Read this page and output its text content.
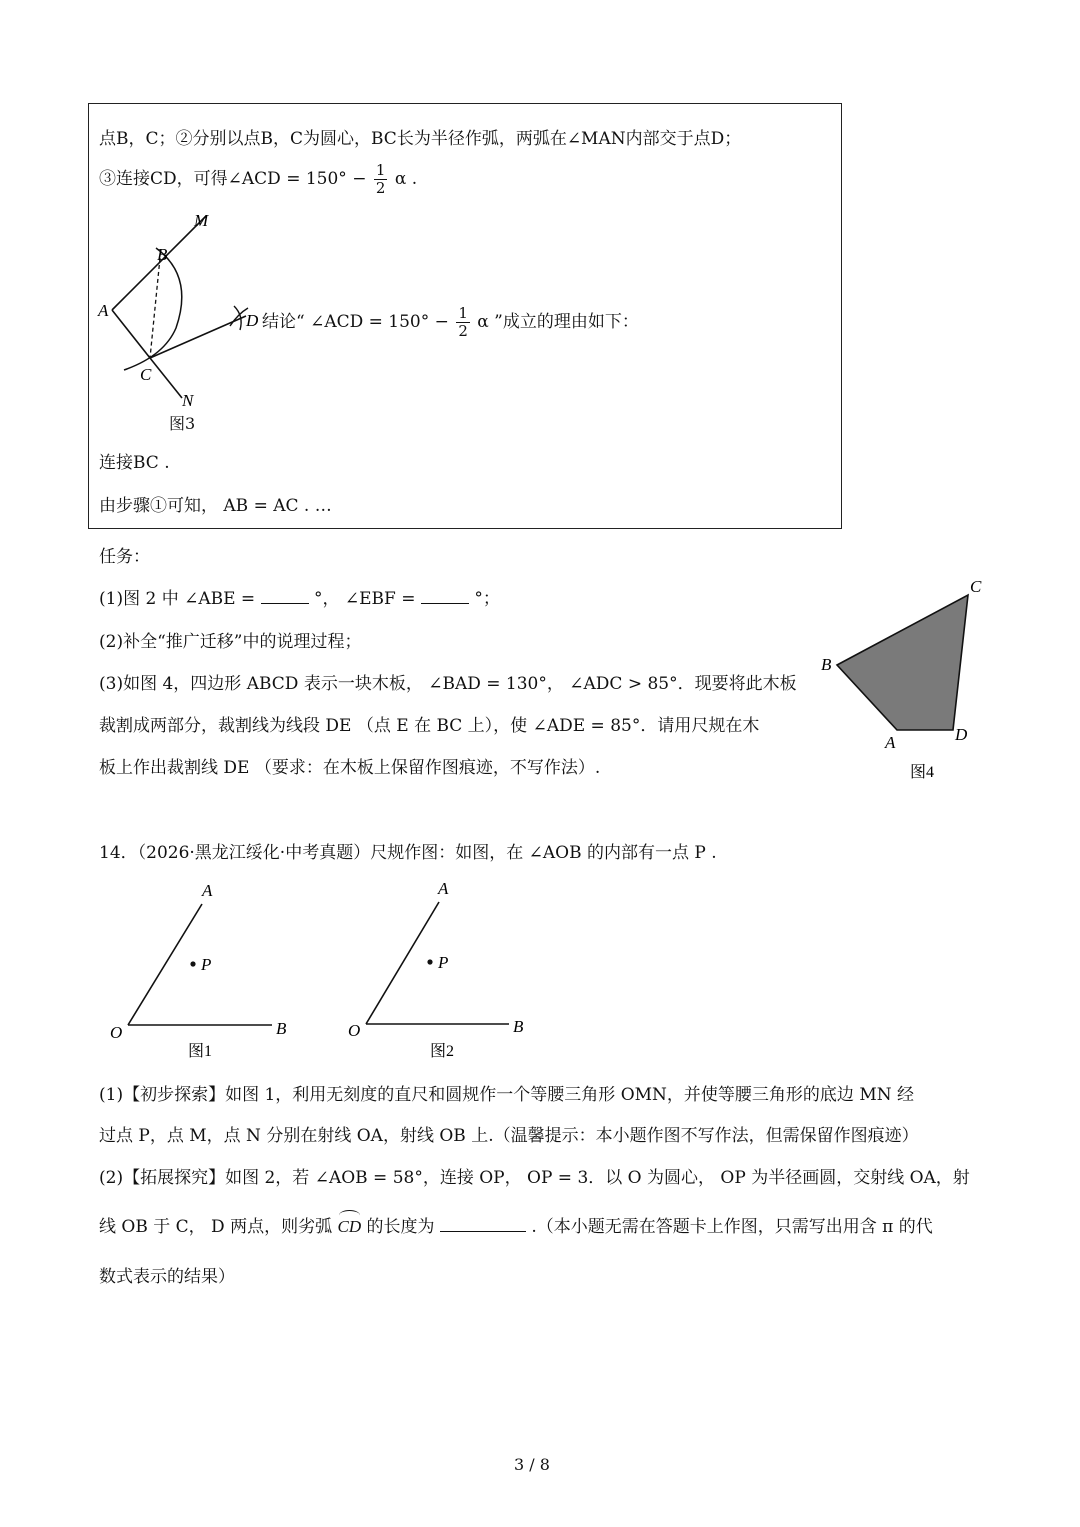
点B，C；②分别以点B，C为圆心，BC长为半径作弧，两弧在∠MAN内部交于点D；
③连接CD，可得∠ACD = $150^\circ - \frac{1}{2}$ α .
M
B
A
D
C
N
图3
结论“ ∠ACD = $150^\circ - \frac{1}{2}$ α ”成立的理由如下：
连接BC .
由步骤①可知， AB = AC . …
任务：
(1)图 2 中 ∠ABE =	°， ∠EBF =	°；
(2)补全“推广迁移”中的说理过程；
(3)如图 4，四边形 ABCD 表示一块木板， ∠BAD = 130°， ∠ADC > 85°．现要将此木板
裁割成两部分，裁割线为线段 DE （点 E 在 BC 上），使 ∠ADE = 85°．请用尺规在木
板上作出裁割线 DE （要求：在木板上保留作图痕迹，不写作法）.
C
B
D
A
图4
14．（2026·黑龙江绥化·中考真题）尺规作图：如图，在 ∠AOB 的内部有一点 P .
A
P
O	B
图1
A
P
O	B
图2
(1)【初步探索】如图 1，利用无刻度的直尺和圆规作一个等腰三角形 OMN，并使等腰三角形的底边 MN 经
过点 P，点 M，点 N 分别在射线 OA，射线 OB 上.（温馨提示：本小题作图不写作法，但需保留作图痕迹）
(2)【拓展探究】如图 2，若 ∠AOB = 58°，连接 OP， OP = 3．以 O 为圆心， OP 为半径画圆，交射线 OA，射
线 OB 于 C， D 两点，则劣弧 CD 的长度为	.（本小题无需在答题卡上作图，只需写出用含 π 的代
数式表示的结果）
3 / 8
